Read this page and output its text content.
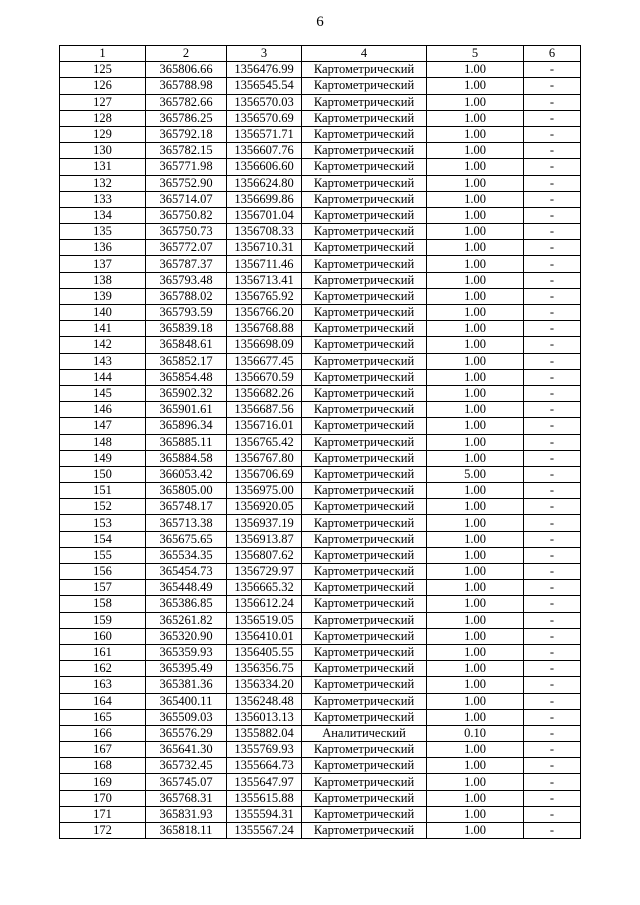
6
1	2	3	4	5	6
125	365806.66	1356476.99	Картометрический	1.00	-
126	365788.98	1356545.54	Картометрический	1.00	-
127	365782.66	1356570.03	Картометрический	1.00	-
128	365786.25	1356570.69	Картометрический	1.00	-
129	365792.18	1356571.71	Картометрический	1.00	-
130	365782.15	1356607.76	Картометрический	1.00	-
131	365771.98	1356606.60	Картометрический	1.00	-
132	365752.90	1356624.80	Картометрический	1.00	-
133	365714.07	1356699.86	Картометрический	1.00	-
134	365750.82	1356701.04	Картометрический	1.00	-
135	365750.73	1356708.33	Картометрический	1.00	-
136	365772.07	1356710.31	Картометрический	1.00	-
137	365787.37	1356711.46	Картометрический	1.00	-
138	365793.48	1356713.41	Картометрический	1.00	-
139	365788.02	1356765.92	Картометрический	1.00	-
140	365793.59	1356766.20	Картометрический	1.00	-
141	365839.18	1356768.88	Картометрический	1.00	-
142	365848.61	1356698.09	Картометрический	1.00	-
143	365852.17	1356677.45	Картометрический	1.00	-
144	365854.48	1356670.59	Картометрический	1.00	-
145	365902.32	1356682.26	Картометрический	1.00	-
146	365901.61	1356687.56	Картометрический	1.00	-
147	365896.34	1356716.01	Картометрический	1.00	-
148	365885.11	1356765.42	Картометрический	1.00	-
149	365884.58	1356767.80	Картометрический	1.00	-
150	366053.42	1356706.69	Картометрический	5.00	-
151	365805.00	1356975.00	Картометрический	1.00	-
152	365748.17	1356920.05	Картометрический	1.00	-
153	365713.38	1356937.19	Картометрический	1.00	-
154	365675.65	1356913.87	Картометрический	1.00	-
155	365534.35	1356807.62	Картометрический	1.00	-
156	365454.73	1356729.97	Картометрический	1.00	-
157	365448.49	1356665.32	Картометрический	1.00	-
158	365386.85	1356612.24	Картометрический	1.00	-
159	365261.82	1356519.05	Картометрический	1.00	-
160	365320.90	1356410.01	Картометрический	1.00	-
161	365359.93	1356405.55	Картометрический	1.00	-
162	365395.49	1356356.75	Картометрический	1.00	-
163	365381.36	1356334.20	Картометрический	1.00	-
164	365400.11	1356248.48	Картометрический	1.00	-
165	365509.03	1356013.13	Картометрический	1.00	-
166	365576.29	1355882.04	Аналитический	0.10	-
167	365641.30	1355769.93	Картометрический	1.00	-
168	365732.45	1355664.73	Картометрический	1.00	-
169	365745.07	1355647.97	Картометрический	1.00	-
170	365768.31	1355615.88	Картометрический	1.00	-
171	365831.93	1355594.31	Картометрический	1.00	-
172	365818.11	1355567.24	Картометрический	1.00	-
